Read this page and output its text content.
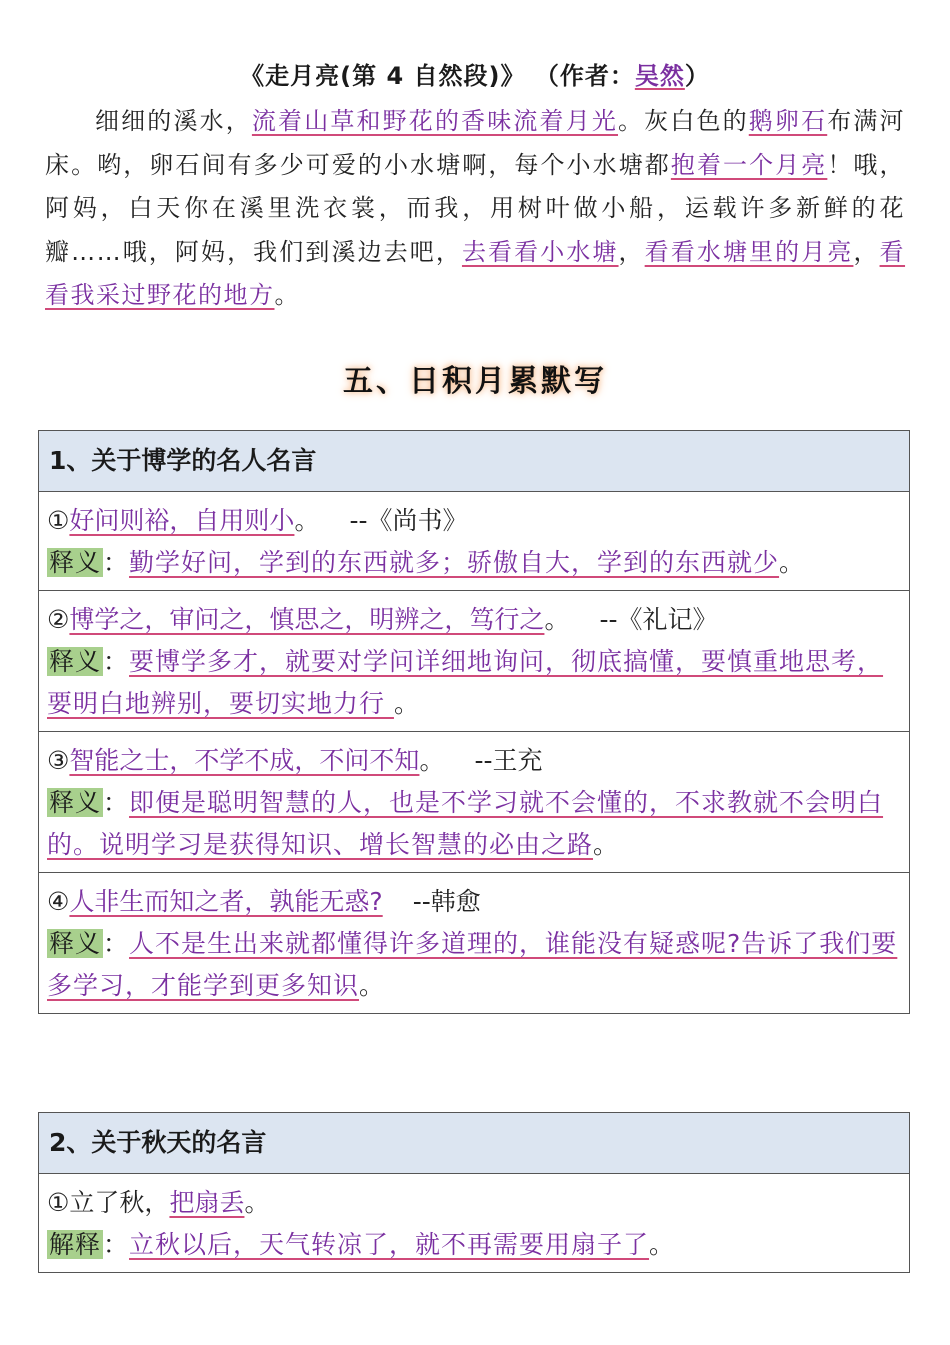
《走月亮(第 4 自然段)》 （作者：吴然）
细细的溪水，流着山草和野花的香味流着月光。灰白色的鹅卵石布满河床。哟，卵石间有多少可爱的小水塘啊，每个小水塘都抱着一个月亮！哦，阿妈，白天你在溪里洗衣裳，而我，用树叶做小船，运载许多新鲜的花瓣……哦，阿妈，我们到溪边去吧，去看看小水塘，看看水塘里的月亮，看看我采过野花的地方。
五、日积月累默写
1、关于博学的名人名言
①好问则裕，自用则小。 --《尚书》
释义：勤学好问，学到的东西就多；骄傲自大，学到的东西就少。
②博学之，审问之，慎思之，明辨之，笃行之。 --《礼记》
释义：要博学多才，就要对学问详细地询问，彻底搞懂，要慎重地思考，要明白地辨别，要切实地力行 。
③智能之士，不学不成，不问不知。 --王充
释义：即便是聪明智慧的人，也是不学习就不会懂的，不求教就不会明白的。说明学习是获得知识、增长智慧的必由之路。
④人非生而知之者，孰能无惑? --韩愈
释义：人不是生出来就都懂得许多道理的，谁能没有疑惑呢?告诉了我们要多学习，才能学到更多知识。
2、关于秋天的名言
①立了秋，把扇丢。
解释：立秋以后，天气转凉了，就不再需要用扇子了。
